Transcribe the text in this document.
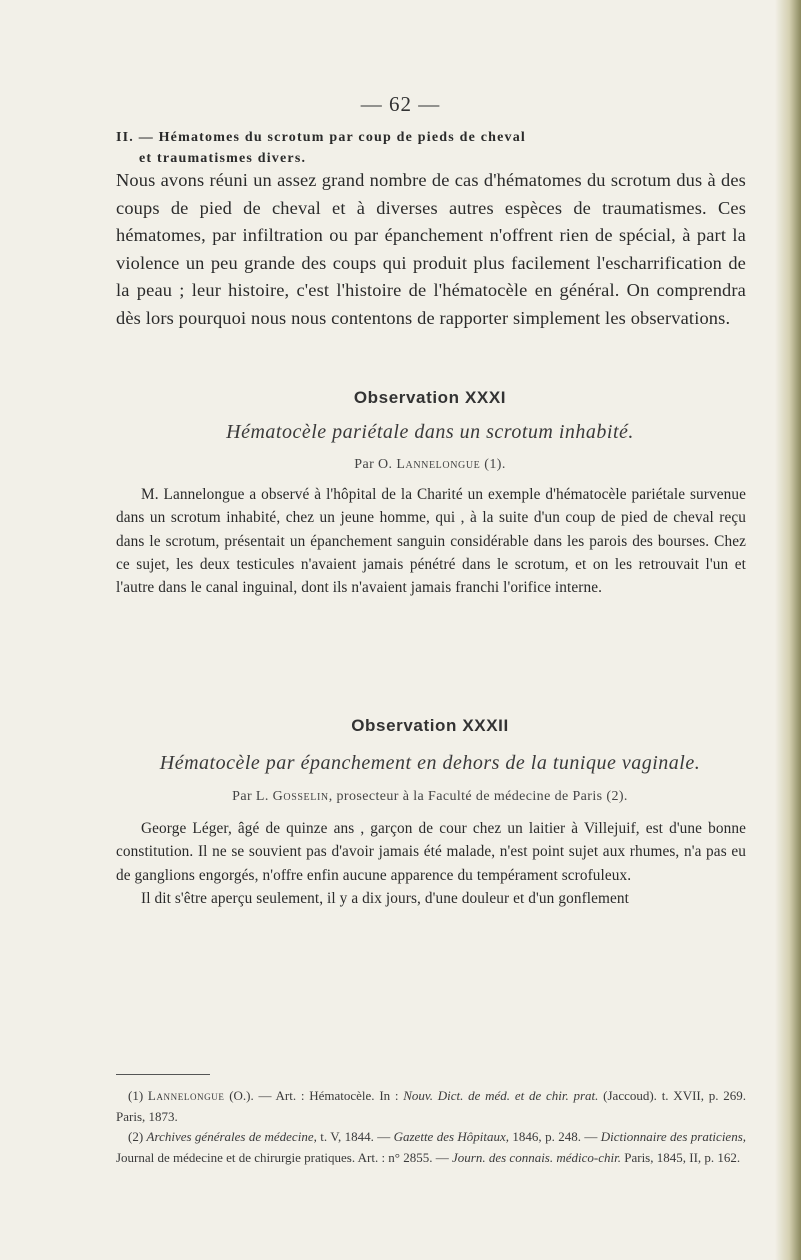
— 62 —
II. — Hématomes du scrotum par coup de pieds de cheval
et traumatismes divers.

Nous avons réuni un assez grand nombre de cas d'hématomes du scrotum dus à des coups de pied de cheval et à diverses autres espèces de traumatismes. Ces hématomes, par infiltration ou par épanchement n'offrent rien de spécial, à part la violence un peu grande des coups qui produit plus facilement l'escharrification de la peau ; leur histoire, c'est l'histoire de l'hématocèle en général. On comprendra dès lors pourquoi nous nous contentons de rapporter simplement les observations.

Observation XXXI
Hématocèle pariétale dans un scrotum inhabité.
Par O. Lannelongue (1).

M. Lannelongue a observé à l'hôpital de la Charité un exemple d'hématocèle pariétale survenue dans un scrotum inhabité, chez un jeune homme, qui , à la suite d'un coup de pied de cheval reçu dans le scrotum, présentait un épanchement sanguin considérable dans les parois des bourses. Chez ce sujet, les deux testicules n'avaient jamais pénétré dans le scrotum, et on les retrouvait l'un et l'autre dans le canal inguinal, dont ils n'avaient jamais franchi l'orifice interne.

Observation XXXII
Hématocèle par épanchement en dehors de la tunique vaginale.
Par L. Gosselin, prosecteur à la Faculté de médecine de Paris (2).

George Léger, âgé de quinze ans , garçon de cour chez un laitier à Villejuif, est d'une bonne constitution. Il ne se souvient pas d'avoir jamais été malade, n'est point sujet aux rhumes, n'a pas eu de ganglions engorgés, n'offre enfin aucune apparence du tempérament scrofuleux.

Il dit s'être aperçu seulement, il y a dix jours, d'une douleur et d'un gonflement

(1) Lannelongue (O.). — Art. : Hématocèle. In : Nouv. Dict. de méd. et de chir. prat. (Jaccoud). t. XVII, p. 269. Paris, 1873.

(2) Archives générales de médecine, t. V, 1844. — Gazette des Hôpitaux, 1846, p. 248. — Dictionnaire des praticiens, Journal de médecine et de chirurgie pratiques. Art. : n° 2855. — Journ. des connais. médico-chir. Paris, 1845, II, p. 162.
